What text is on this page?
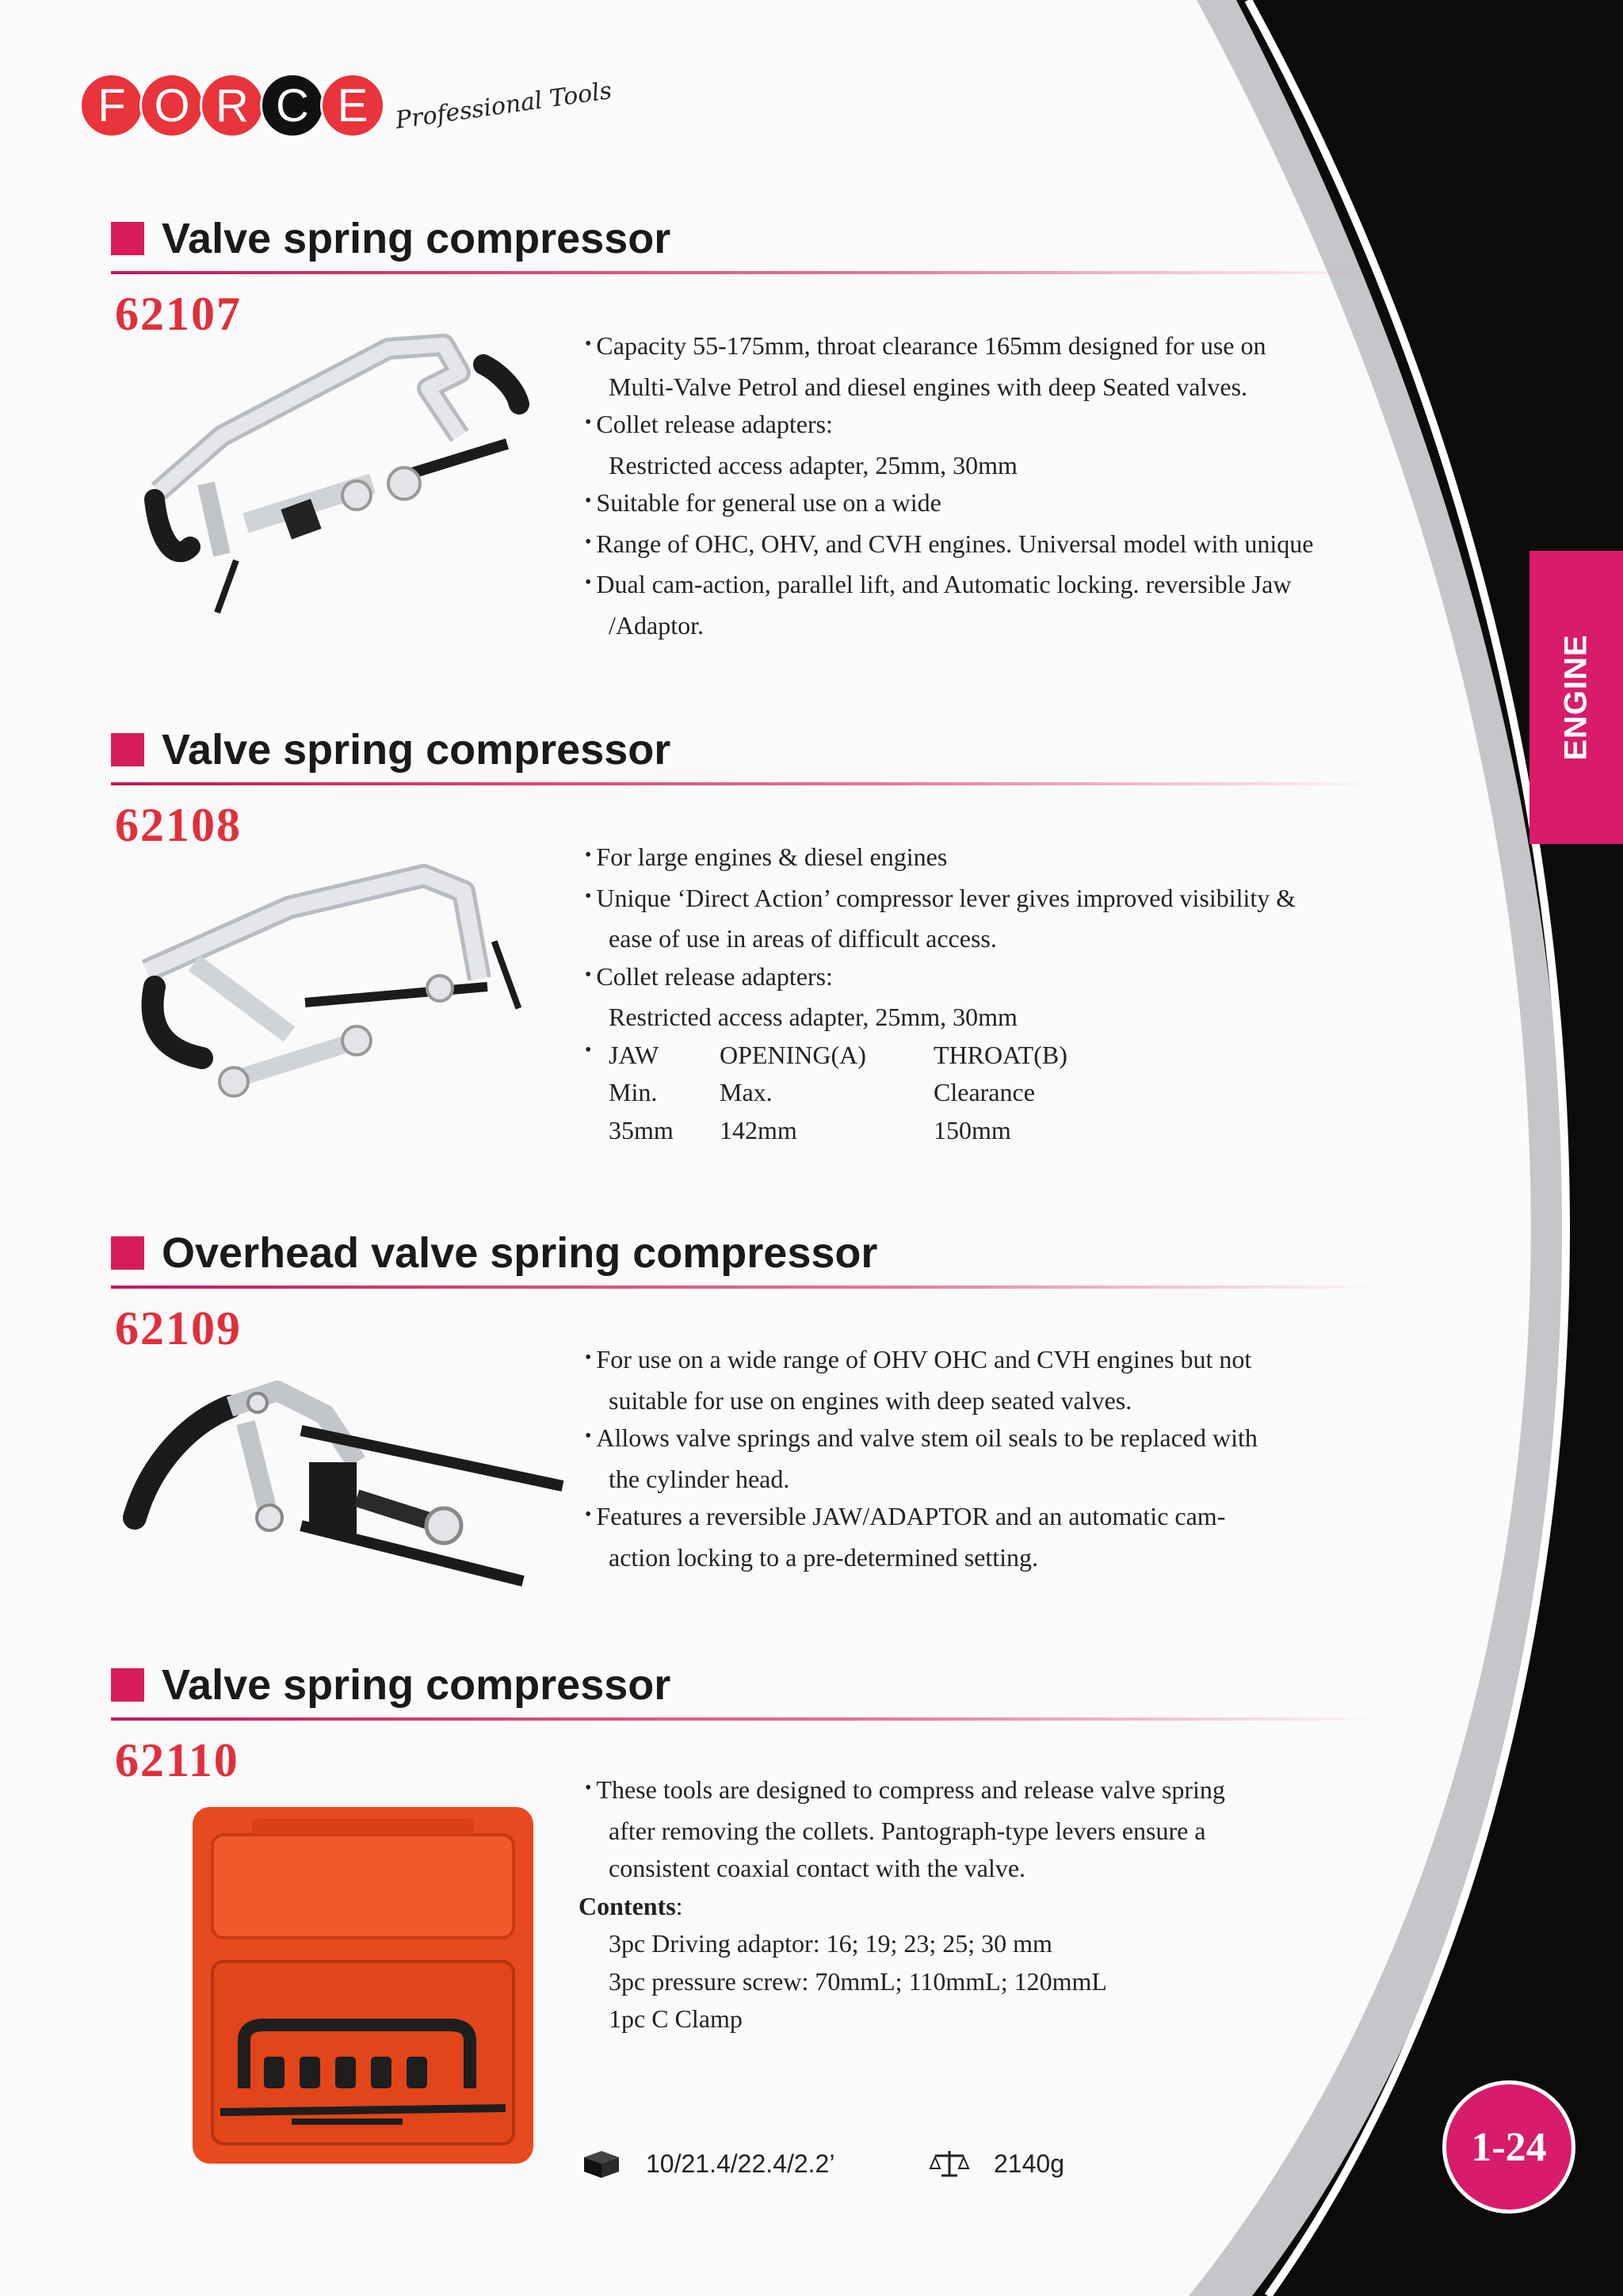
F O R C E	Professional Tools
ENGINE
Valve spring compressor
62107
• Capacity 55-175mm, throat clearance 165mm designed for use on
Multi-Valve Petrol and diesel engines with deep Seated valves.
• Collet release adapters:
Restricted access adapter, 25mm, 30mm
• Suitable for general use on a wide
• Range of OHC, OHV, and CVH engines. Universal model with unique
• Dual cam-action, parallel lift, and Automatic locking. reversible Jaw
/Adaptor.
Valve spring compressor
62108
• For large engines & diesel engines
• Unique ‘Direct Action’ compressor lever gives improved visibility &
ease of use in areas of difficult access.
• Collet release adapters:
Restricted access adapter, 25mm, 30mm
• JAW	OPENING(A)	THROAT(B)
Min.	Max.	Clearance
35mm	142mm	150mm
Overhead valve spring compressor
62109
• For use on a wide range of OHV OHC and CVH engines but not
suitable for use on engines with deep seated valves.
• Allows valve springs and valve stem oil seals to be replaced with
the cylinder head.
• Features a reversible JAW/ADAPTOR and an automatic cam-
action locking to a pre-determined setting.
Valve spring compressor
62110
• These tools are designed to compress and release valve spring
after removing the collets. Pantograph-type levers ensure a
consistent coaxial contact with the valve.
Contents:
3pc Driving adaptor: 16; 19; 23; 25; 30 mm
3pc pressure screw: 70mmL; 110mmL; 120mmL
1pc C Clamp
10/21.4/22.4/2.2’	2140g	1-24
